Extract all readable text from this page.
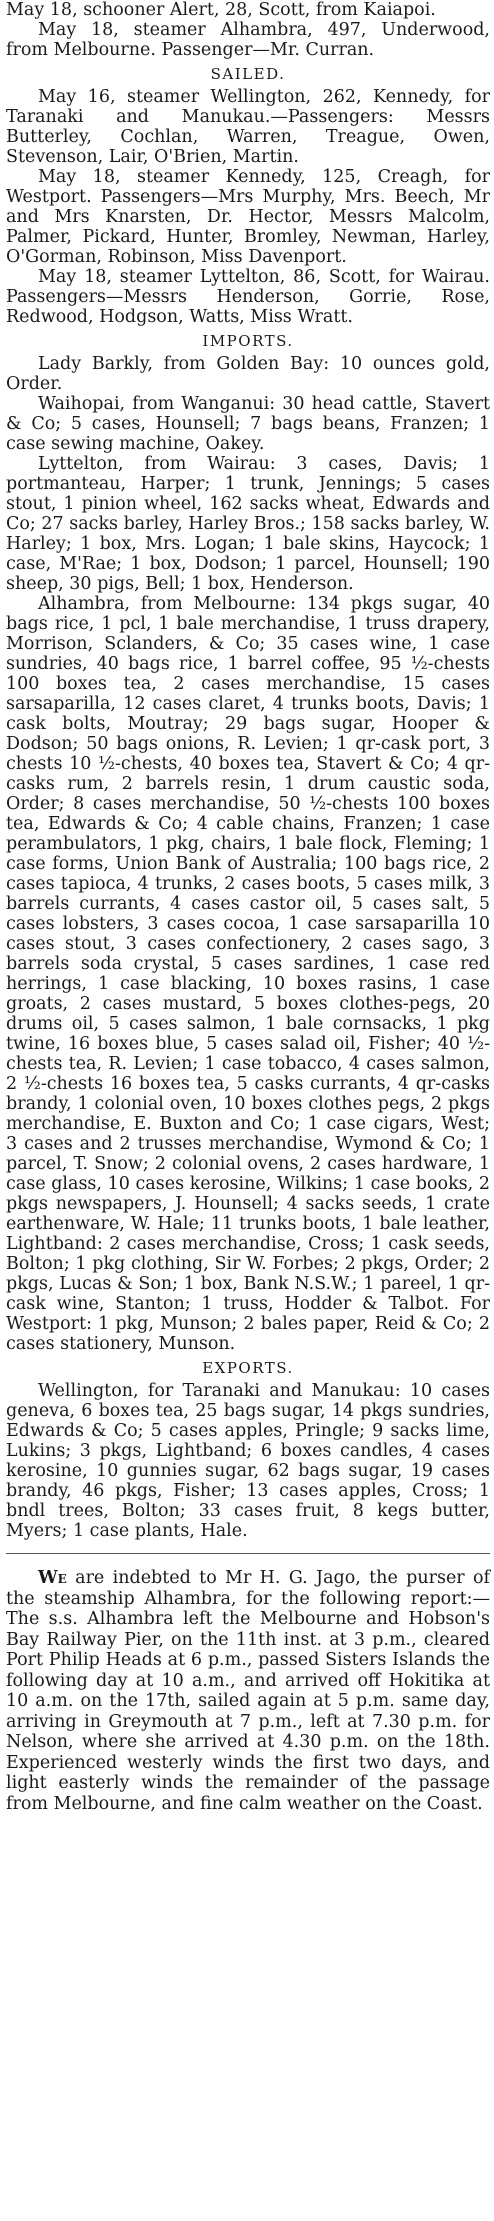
May 18, schooner Alert, 28, Scott, from Kaiapoi.

May 18, steamer Alhambra, 497, Underwood, from Melbourne. Passenger—Mr. Curran.

SAILED.

May 16, steamer Wellington, 262, Kennedy, for Taranaki and Manukau.—Passengers: Messrs Butterley, Cochlan, Warren, Treague, Owen, Stevenson, Lair, O'Brien, Martin.

May 18, steamer Kennedy, 125, Creagh, for Westport. Passengers—Mrs Murphy, Mrs. Beech, Mr and Mrs Knarsten, Dr. Hector, Messrs Malcolm, Palmer, Pickard, Hunter, Bromley, Newman, Harley, O'Gorman, Robinson, Miss Davenport.

May 18, steamer Lyttelton, 86, Scott, for Wairau. Passengers—Messrs Henderson, Gorrie, Rose, Redwood, Hodgson, Watts, Miss Wratt.

IMPORTS.

Lady Barkly, from Golden Bay: 10 ounces gold, Order.

Waihopai, from Wanganui: 30 head cattle, Stavert & Co; 5 cases, Hounsell; 7 bags beans, Franzen; 1 case sewing machine, Oakey.

Lyttelton, from Wairau: 3 cases, Davis; 1 portmanteau, Harper; 1 trunk, Jennings; 5 cases stout, 1 pinion wheel, 162 sacks wheat, Edwards and Co; 27 sacks barley, Harley Bros.; 158 sacks barley, W. Harley; 1 box, Mrs. Logan; 1 bale skins, Haycock; 1 case, M'Rae; 1 box, Dodson; 1 parcel, Hounsell; 190 sheep, 30 pigs, Bell; 1 box, Henderson.

Alhambra, from Melbourne: 134 pkgs sugar, 40 bags rice, 1 pcl, 1 bale merchandise, 1 truss drapery, Morrison, Sclanders, & Co; 35 cases wine, 1 case sundries, 40 bags rice, 1 barrel coffee, 95 ½-chests 100 boxes tea, 2 cases merchandise, 15 cases sarsaparilla, 12 cases claret, 4 trunks boots, Davis; 1 cask bolts, Moutray; 29 bags sugar, Hooper & Dodson; 50 bags onions, R. Levien; 1 qr-cask port, 3 chests 10 ½-chests, 40 boxes tea, Stavert & Co; 4 qr-casks rum, 2 barrels resin, 1 drum caustic soda, Order; 8 cases merchandise, 50 ½-chests 100 boxes tea, Edwards & Co; 4 cable chains, Franzen; 1 case perambulators, 1 pkg, chairs, 1 bale flock, Fleming; 1 case forms, Union Bank of Australia; 100 bags rice, 2 cases tapioca, 4 trunks, 2 cases boots, 5 cases milk, 3 barrels currants, 4 cases castor oil, 5 cases salt, 5 cases lobsters, 3 cases cocoa, 1 case sarsaparilla 10 cases stout, 3 cases confectionery, 2 cases sago, 3 barrels soda crystal, 5 cases sardines, 1 case red herrings, 1 case blacking, 10 boxes rasins, 1 case groats, 2 cases mustard, 5 boxes clothes-pegs, 20 drums oil, 5 cases salmon, 1 bale cornsacks, 1 pkg twine, 16 boxes blue, 5 cases salad oil, Fisher; 40 ½-chests tea, R. Levien; 1 case tobacco, 4 cases salmon, 2 ½-chests 16 boxes tea, 5 casks currants, 4 qr-casks brandy, 1 colonial oven, 10 boxes clothes pegs, 2 pkgs merchandise, E. Buxton and Co; 1 case cigars, West; 3 cases and 2 trusses merchandise, Wymond & Co; 1 parcel, T. Snow; 2 colonial ovens, 2 cases hardware, 1 case glass, 10 cases kerosine, Wilkins; 1 case books, 2 pkgs newspapers, J. Hounsell; 4 sacks seeds, 1 crate earthenware, W. Hale; 11 trunks boots, 1 bale leather, Lightband: 2 cases merchandise, Cross; 1 cask seeds, Bolton; 1 pkg clothing, Sir W. Forbes; 2 pkgs, Order; 2 pkgs, Lucas & Son; 1 box, Bank N.S.W.; 1 pareel, 1 qr-cask wine, Stanton; 1 truss, Hodder & Talbot. For Westport: 1 pkg, Munson; 2 bales paper, Reid & Co; 2 cases stationery, Munson.

EXPORTS.

Wellington, for Taranaki and Manukau: 10 cases geneva, 6 boxes tea, 25 bags sugar, 14 pkgs sundries, Edwards & Co; 5 cases apples, Pringle; 9 sacks lime, Lukins; 3 pkgs, Lightband; 6 boxes candles, 4 cases kerosine, 10 gunnies sugar, 62 bags sugar, 19 cases brandy, 46 pkgs, Fisher; 13 cases apples, Cross; 1 bndl trees, Bolton; 33 cases fruit, 8 kegs butter, Myers; 1 case plants, Hale.

We are indebted to Mr H. G. Jago, the purser of the steamship Alhambra, for the following report:—The s.s. Alhambra left the Melbourne and Hobson's Bay Railway Pier, on the 11th inst. at 3 p.m., cleared Port Philip Heads at 6 p.m., passed Sisters Islands the following day at 10 a.m., and arrived off Hokitika at 10 a.m. on the 17th, sailed again at 5 p.m. same day, arriving in Greymouth at 7 p.m., left at 7.30 p.m. for Nelson, where she arrived at 4.30 p.m. on the 18th. Experienced westerly winds the first two days, and light easterly winds the remainder of the passage from Melbourne, and fine calm weather on the Coast.
